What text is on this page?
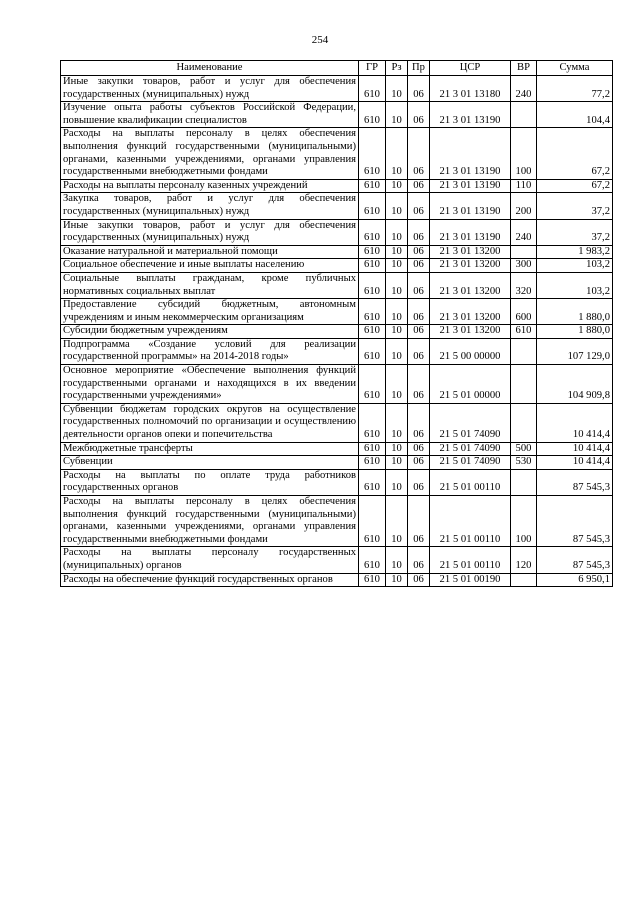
254
Наименование	ГР	Рз	Пр	ЦСР	ВР	Сумма
Иные закупки товаров, работ и услуг для обеспечения государственных (муниципальных) нужд	610	10	06	21 3 01 13180	240	77,2
Изучение опыта работы субъектов Российской Федерации, повышение квалификации специалистов	610	10	06	21 3 01 13190		104,4
Расходы на выплаты персоналу в целях обеспечения выполнения функций государственными (муниципальными) органами, казенными учреждениями, органами управления государственными внебюджетными фондами	610	10	06	21 3 01 13190	100	67,2
Расходы на выплаты персоналу казенных учреждений	610	10	06	21 3 01 13190	110	67,2
Закупка товаров, работ и услуг для обеспечения государственных (муниципальных) нужд	610	10	06	21 3 01 13190	200	37,2
Иные закупки товаров, работ и услуг для обеспечения государственных (муниципальных) нужд	610	10	06	21 3 01 13190	240	37,2
Оказание натуральной и материальной помощи	610	10	06	21 3 01 13200		1 983,2
Социальное обеспечение и иные выплаты населению	610	10	06	21 3 01 13200	300	103,2
Социальные выплаты гражданам, кроме публичных нормативных социальных выплат	610	10	06	21 3 01 13200	320	103,2
Предоставление субсидий бюджетным, автономным учреждениям и иным некоммерческим организациям	610	10	06	21 3 01 13200	600	1 880,0
Субсидии бюджетным учреждениям	610	10	06	21 3 01 13200	610	1 880,0
Подпрограмма «Создание условий для реализации государственной программы» на 2014-2018 годы»	610	10	06	21 5 00 00000		107 129,0
Основное мероприятие «Обеспечение выполнения функций государственными органами и находящихся в их введении государственными учреждениями»	610	10	06	21 5 01 00000		104 909,8
Субвенции бюджетам городских округов на осуществление государственных полномочий по организации и осуществлению деятельности органов опеки и попечительства	610	10	06	21 5 01 74090		10 414,4
Межбюджетные трансферты	610	10	06	21 5 01 74090	500	10 414,4
Субвенции	610	10	06	21 5 01 74090	530	10 414,4
Расходы на выплаты по оплате труда работников государственных органов	610	10	06	21 5 01 00110		87 545,3
Расходы на выплаты персоналу в целях обеспечения выполнения функций государственными (муниципальными) органами, казенными учреждениями, органами управления государственными внебюджетными фондами	610	10	06	21 5 01 00110	100	87 545,3
Расходы на выплаты персоналу государственных (муниципальных) органов	610	10	06	21 5 01 00110	120	87 545,3
Расходы на обеспечение функций государственных органов	610	10	06	21 5 01 00190		6 950,1
